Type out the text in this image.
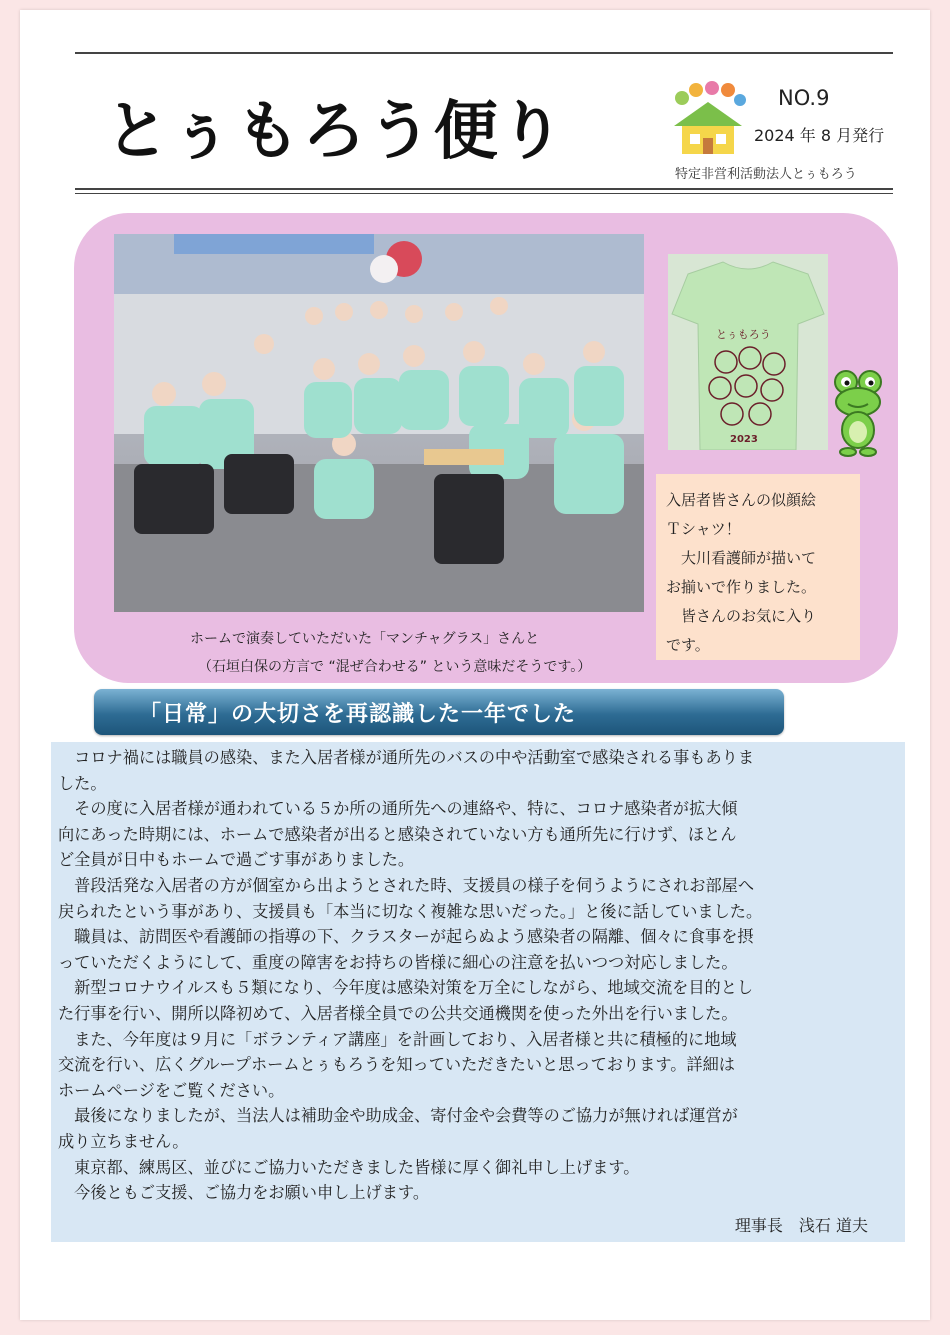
とぅもろう便り	NO.9
2024 年 8 月発行
特定非営利活動法人とぅもろう
ホームで演奏していただいた「マンチャグラス」さんと
（石垣白保の方言で “混ぜ合わせる” という意味だそうです。）
とぅもろう
2023
入居者皆さんの似顔絵
Ｔシャツ！
　大川看護師が描いて
お揃いで作りました。
　皆さんのお気に入り
です。
「日常」の大切さを再認識した一年でした

　コロナ禍には職員の感染、また入居者様が通所先のバスの中や活動室で感染される事もありま

した。

　その度に入居者様が通われている５か所の通所先への連絡や、特に、コロナ感染者が拡大傾

向にあった時期には、ホームで感染者が出ると感染されていない方も通所先に行けず、ほとん

ど全員が日中もホームで過ごす事がありました。

　普段活発な入居者の方が個室から出ようとされた時、支援員の様子を伺うようにされお部屋へ

戻られたという事があり、支援員も「本当に切なく複雑な思いだった。」と後に話していました。

　職員は、訪問医や看護師の指導の下、クラスターが起らぬよう感染者の隔離、個々に食事を摂

っていただくようにして、重度の障害をお持ちの皆様に細心の注意を払いつつ対応しました。

　新型コロナウイルスも５類になり、今年度は感染対策を万全にしながら、地域交流を目的とし

た行事を行い、開所以降初めて、入居者様全員での公共交通機関を使った外出を行いました。

　また、今年度は９月に「ボランティア講座」を計画しており、入居者様と共に積極的に地域

交流を行い、広くグループホームとぅもろうを知っていただきたいと思っております。詳細は

ホームページをご覧ください。

　最後になりましたが、当法人は補助金や助成金、寄付金や会費等のご協力が無ければ運営が

成り立ちません。

　東京都、練馬区、並びにご協力いただきました皆様に厚く御礼申し上げます。

　今後ともご支援、ご協力をお願い申し上げます。

理事長　浅石 道夫
